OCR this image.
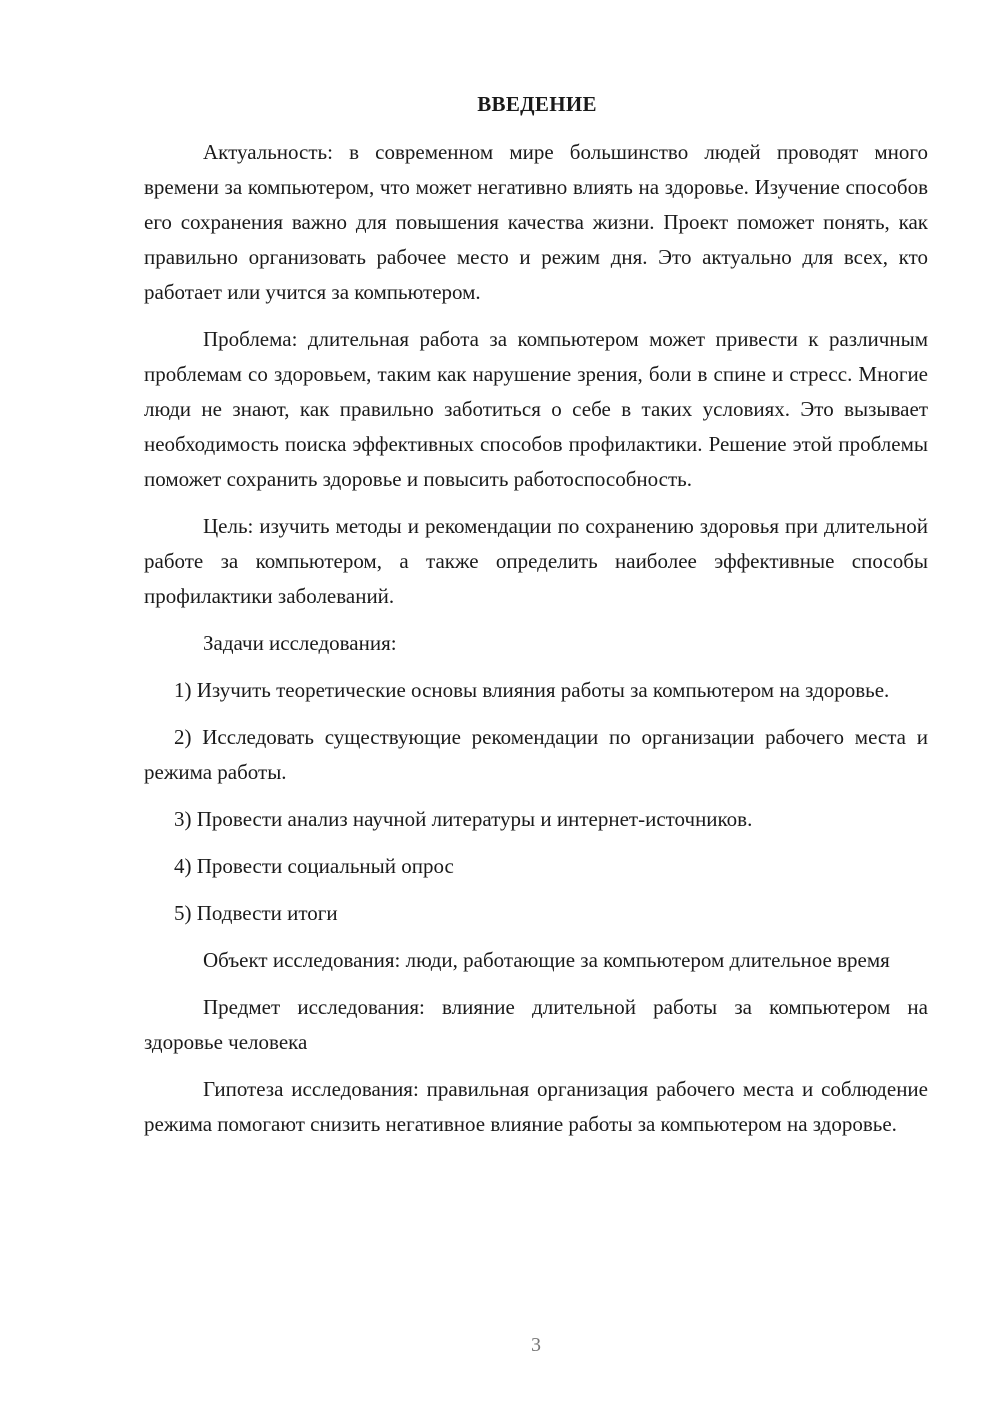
ВВЕДЕНИЕ

Актуальность: в современном мире большинство людей проводят много времени за компьютером, что может негативно влиять на здоровье. Изучение способов его сохранения важно для повышения качества жизни. Проект поможет понять, как правильно организовать рабочее место и режим дня. Это актуально для всех, кто работает или учится за компьютером.

Проблема: длительная работа за компьютером может привести к различным проблемам со здоровьем, таким как нарушение зрения, боли в спине и стресс. Многие люди не знают, как правильно заботиться о себе в таких условиях. Это вызывает необходимость поиска эффективных способов профилактики. Решение этой проблемы поможет сохранить здоровье и повысить работоспособность.

Цель: изучить методы и рекомендации по сохранению здоровья при длительной работе за компьютером, а также определить наиболее эффективные способы профилактики заболеваний.

Задачи исследования:

1) Изучить теоретические основы влияния работы за компьютером на здоровье.

2) Исследовать существующие рекомендации по организации рабочего места и режима работы.

3) Провести анализ научной литературы и интернет-источников.

4) Провести социальный опрос

5) Подвести итоги

Объект исследования: люди, работающие за компьютером длительное время

Предмет исследования: влияние длительной работы за компьютером на здоровье человека

Гипотеза исследования: правильная организация рабочего места и соблюдение режима помогают снизить негативное влияние работы за компьютером на здоровье.

3
